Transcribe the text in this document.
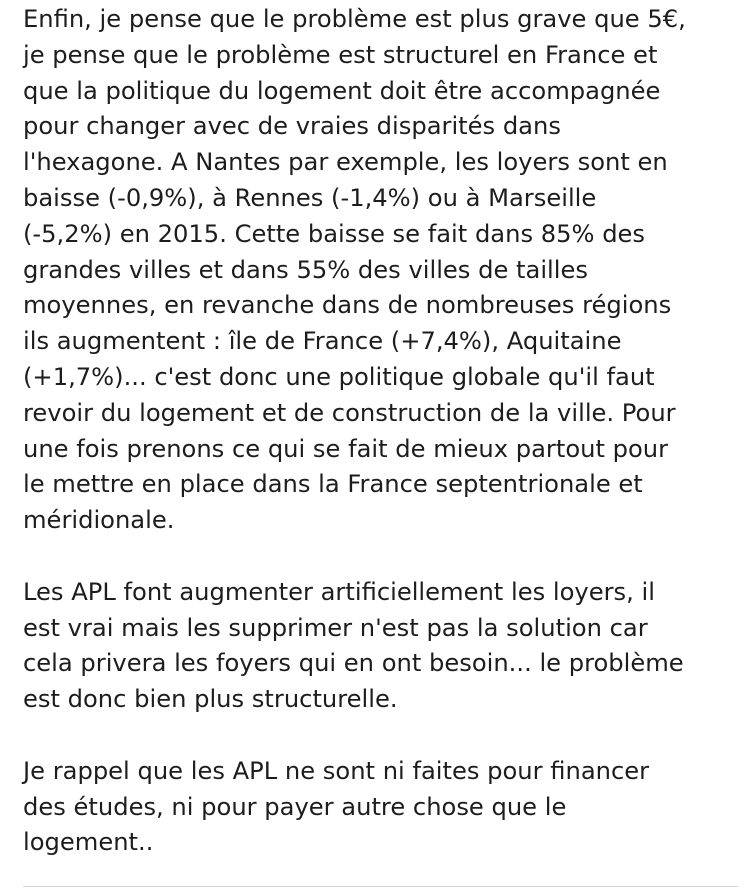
Enfin, je pense que le problème est plus grave que 5€,
je pense que le problème est structurel en France et
que la politique du logement doit être accompagnée
pour changer avec de vraies disparités dans
l'hexagone. A Nantes par exemple, les loyers sont en
baisse (-0,9%), à Rennes (-1,4%) ou à Marseille
(-5,2%) en 2015. Cette baisse se fait dans 85% des
grandes villes et dans 55% des villes de tailles
moyennes, en revanche dans de nombreuses régions
ils augmentent : île de France (+7,4%), Aquitaine
(+1,7%)... c'est donc une politique globale qu'il faut
revoir du logement et de construction de la ville. Pour
une fois prenons ce qui se fait de mieux partout pour
le mettre en place dans la France septentrionale et
méridionale.

Les APL font augmenter artificiellement les loyers, il
est vrai mais les supprimer n'est pas la solution car
cela privera les foyers qui en ont besoin... le problème
est donc bien plus structurelle.

Je rappel que les APL ne sont ni faites pour financer
des études, ni pour payer autre chose que le
logement..
